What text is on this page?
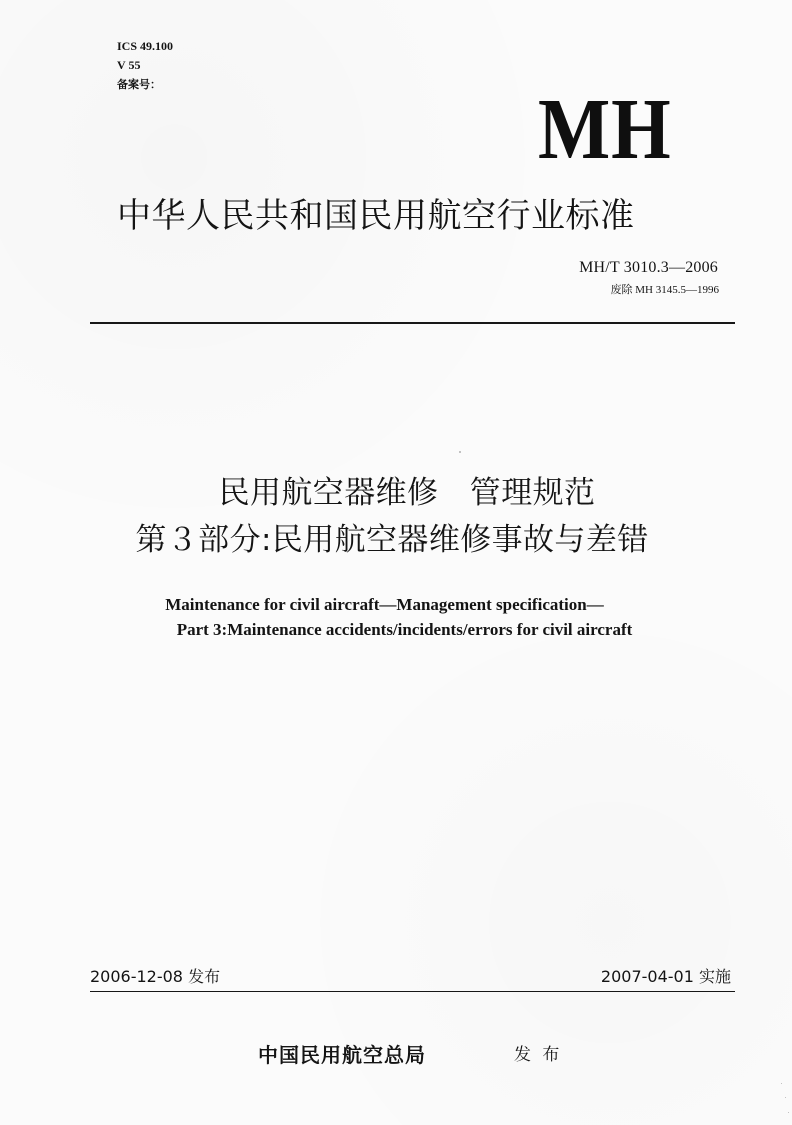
ICS 49.100
V 55
备案号：	MH
中华人民共和国民用航空行业标准
MH/T 3010.3—2006
废除 MH 3145.5—1996
民用航空器维修　管理规范
第３部分:民用航空器维修事故与差错
Maintenance for civil aircraft—Management specification—
Part 3:Maintenance accidents/incidents/errors for civil aircraft
2006-12-08 发布	2007-04-01 实施
中国民用航空总局	发 布
